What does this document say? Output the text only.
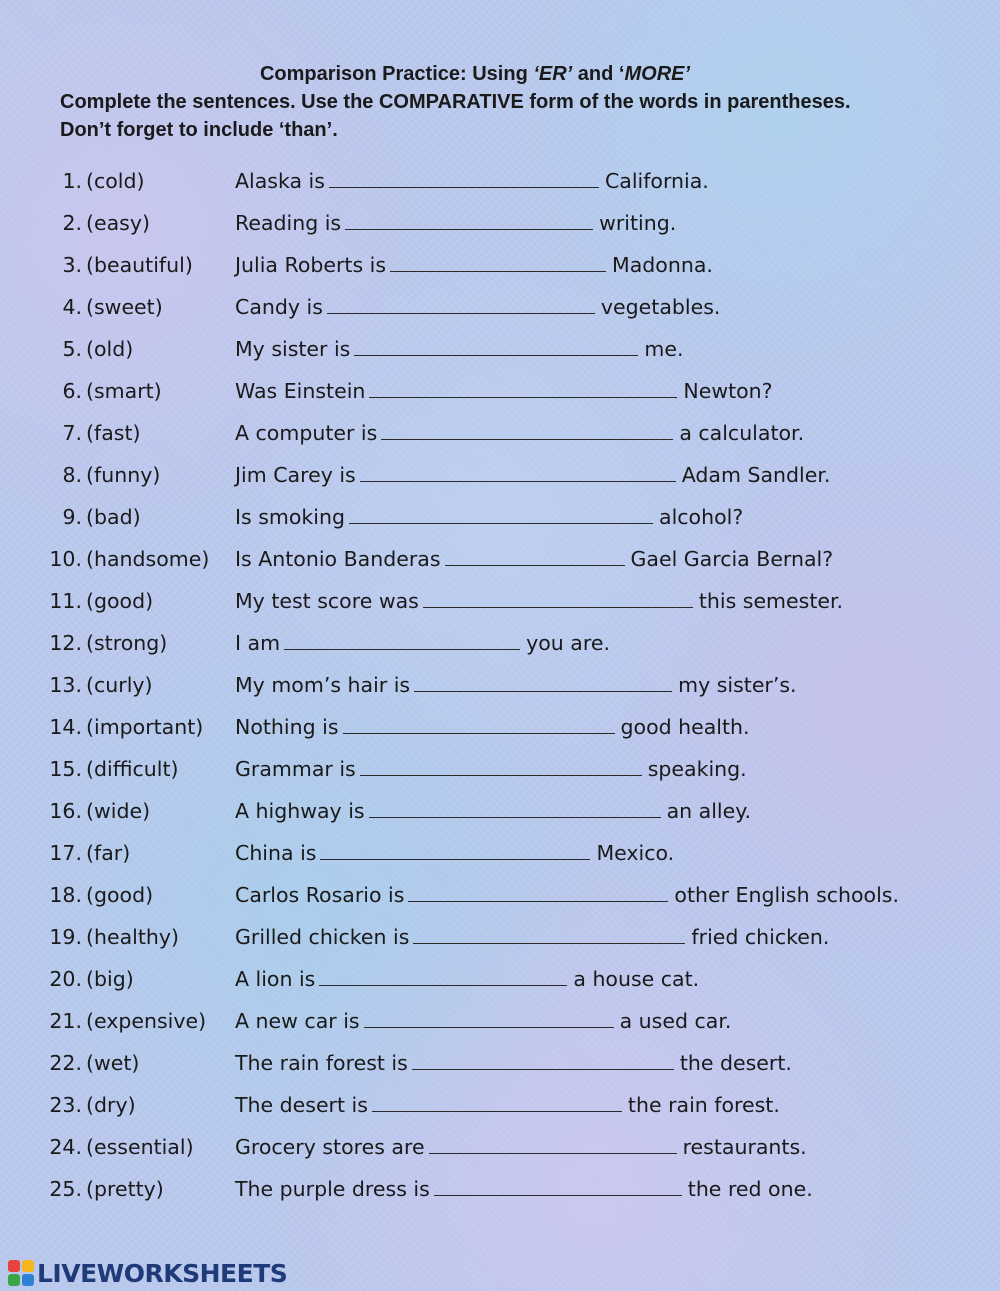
Comparison Practice: Using ‘ER’ and ‘MORE’
Complete the sentences. Use the COMPARATIVE form of the words in parentheses.
Don’t forget to include ‘than’.
1. (cold)	Alaska is	California.
2. (easy)	Reading is	writing.
3. (beautiful) Julia Roberts is	Madonna.
4. (sweet)	Candy is	vegetables.
5. (old)	My sister is	me.
6. (smart)	Was Einstein	Newton?
7. (fast)	A computer is	a calculator.
8. (funny)	Jim Carey is	Adam Sandler.
9. (bad)	Is smoking	alcohol?
10. (handsome) Is Antonio Banderas	Gael Garcia Bernal?
11. (good)	My test score was	this semester.
12. (strong)	I am	you are.
13. (curly)	My mom’s hair is	my sister’s.
14. (important) Nothing is	good health.
15. (difficult)	Grammar is	speaking.
16. (wide)	A highway is	an alley.
17. (far)	China is	Mexico.
18. (good)	Carlos Rosario is	other English schools.
19. (healthy)	Grilled chicken is	fried chicken.
20. (big)	A lion is	a house cat.
21. (expensive) A new car is	a used car.
22. (wet)	The rain forest is	the desert.
23. (dry)	The desert is	the rain forest.
24. (essential) Grocery stores are	restaurants.
25. (pretty)	The purple dress is	the red one.
LIVEWORKSHEETS
